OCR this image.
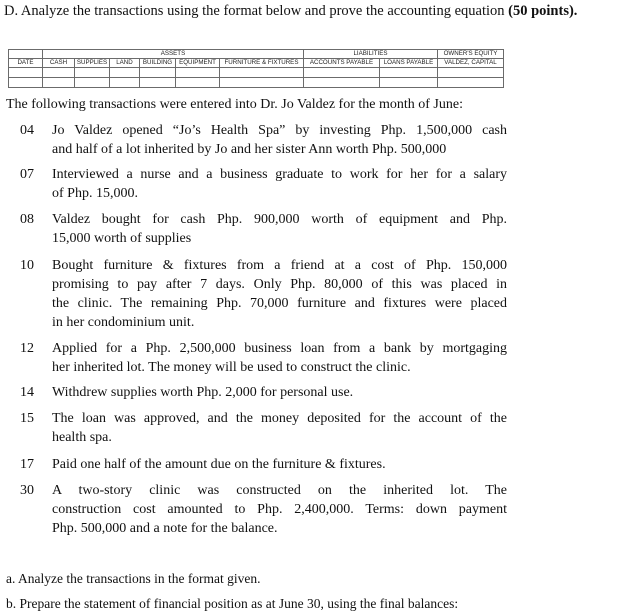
D. Analyze the transactions using the format below and prove the accounting equation (50 points).
	ASSETS						LIABILITIES		OWNER'S EQUITY
DATE	CASH	SUPPLIES	LAND	BUILDING	EQUIPMENT	FURNITURE & FIXTURES	ACCOUNTS PAYABLE	LOANS PAYABLE	VALDEZ, CAPITAL

The following transactions were entered into Dr. Jo Valdez for the month of June:
04	Jo Valdez opened “Jo’s Health Spa” by investing Php. 1,500,000 cash
and half of a lot inherited by Jo and her sister Ann worth Php. 500,000
07	Interviewed a nurse and a business graduate to work for her for a salary
of Php. 15,000.
08	Valdez bought for cash Php. 900,000 worth of equipment and Php.
15,000 worth of supplies
10	Bought furniture & fixtures from a friend at a cost of Php. 150,000
promising to pay after 7 days. Only Php. 80,000 of this was placed in
the clinic. The remaining Php. 70,000 furniture and fixtures were placed
in her condominium unit.
12	Applied for a Php. 2,500,000 business loan from a bank by mortgaging
her inherited lot. The money will be used to construct the clinic.
14	Withdrew supplies worth Php. 2,000 for personal use.
15	The loan was approved, and the money deposited for the account of the
health spa.
17	Paid one half of the amount due on the furniture & fixtures.
30	A two-story clinic was constructed on the inherited lot. The
construction cost amounted to Php. 2,400,000. Terms: down payment
Php. 500,000 and a note for the balance.
a. Analyze the transactions in the format given.
b. Prepare the statement of financial position as at June 30, using the final balances:
